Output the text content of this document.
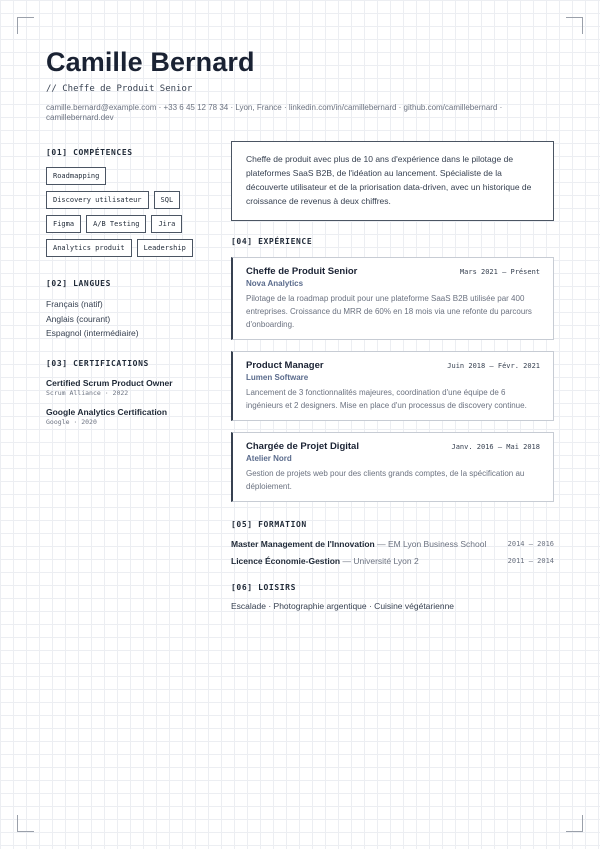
Camille Bernard
// Cheffe de Produit Senior
camille.bernard@example.com · +33 6 45 12 78 34 · Lyon, France · linkedin.com/in/camillebernard · github.com/camillebernard · camillebernard.dev
[01] COMPÉTENCES
Roadmapping
Discovery utilisateur	SQL
Figma	A/B Testing	Jira
Analytics produit	Leadership
[02] LANGUES
Français (natif)
Anglais (courant)
Espagnol (intermédiaire)
[03] CERTIFICATIONS
Certified Scrum Product Owner
Scrum Alliance · 2022
Google Analytics Certification
Google · 2020
Cheffe de produit avec plus de 10 ans d'expérience dans le pilotage de plateformes SaaS B2B, de l'idéation au lancement. Spécialiste de la découverte utilisateur et de la priorisation data-driven, avec un historique de croissance de revenus à deux chiffres.
[04] EXPÉRIENCE
Cheffe de Produit Senior	Mars 2021 — Présent
Nova Analytics
Pilotage de la roadmap produit pour une plateforme SaaS B2B utilisée par 400 entreprises. Croissance du MRR de 60% en 18 mois via une refonte du parcours d'onboarding.
Product Manager	Juin 2018 — Févr. 2021
Lumen Software
Lancement de 3 fonctionnalités majeures, coordination d'une équipe de 6 ingénieurs et 2 designers. Mise en place d'un processus de discovery continue.
Chargée de Projet Digital	Janv. 2016 — Mai 2018
Atelier Nord
Gestion de projets web pour des clients grands comptes, de la spécification au déploiement.
[05] FORMATION
Master Management de l'Innovation — EM Lyon Business School	2014 — 2016
Licence Économie-Gestion — Université Lyon 2	2011 — 2014
[06] LOISIRS
Escalade · Photographie argentique · Cuisine végétarienne
